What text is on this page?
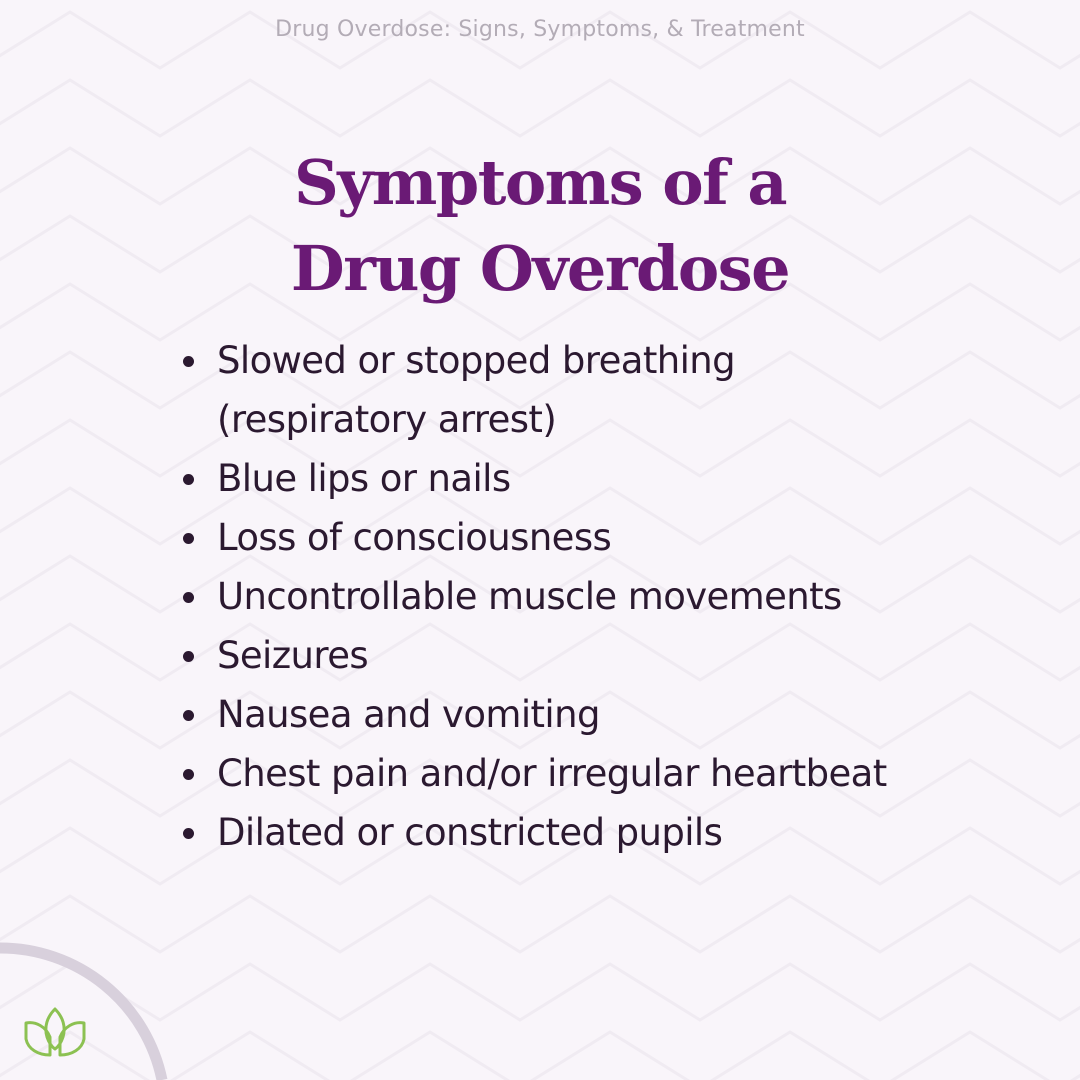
Drug Overdose: Signs, Symptoms, & Treatment
Symptoms of a
Drug Overdose
Slowed or stopped breathing (respiratory arrest)
Blue lips or nails
Loss of consciousness
Uncontrollable muscle movements
Seizures
Nausea and vomiting
Chest pain and/or irregular heartbeat
Dilated or constricted pupils
